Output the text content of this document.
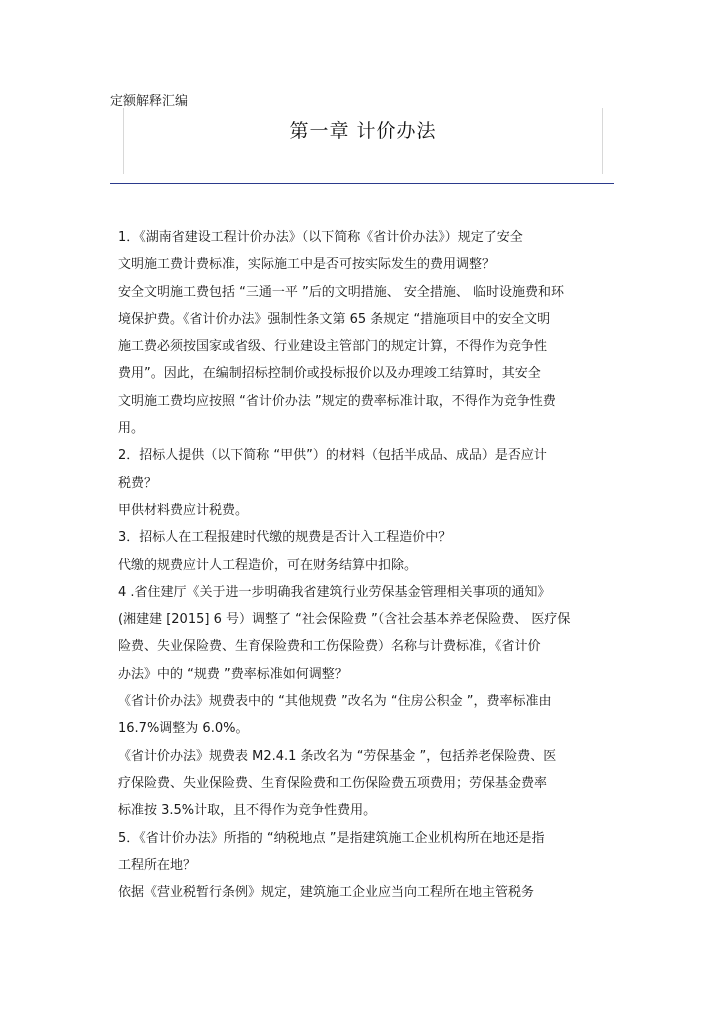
定额解释汇编
第一章 计价办法
1．《湖南省建设工程计价办法》（以下简称《省计价办法》）规定了安全
文明施工费计费标准，实际施工中是否可按实际发生的费用调整？
安全文明施工费包括 “三通一平 ”后的文明措施、 安全措施、 临时设施费和环
境保护费。《省计价办法》强制性条文第 65 条规定 “措施项目中的安全文明
施工费必须按国家或省级、行业建设主管部门的规定计算，不得作为竞争性
费用”。因此，在编制招标控制价或投标报价以及办理竣工结算时，其安全
文明施工费均应按照 “省计价办法 ”规定的费率标准计取，不得作为竞争性费
用。
2．招标人提供（以下简称 “甲供”）的材料（包括半成品、成品）是否应计
税费？
甲供材料费应计税费。
3．招标人在工程报建时代缴的规费是否计入工程造价中？
代缴的规费应计人工程造价，可在财务结算中扣除。
4 .省住建厅《关于进一步明确我省建筑行业劳保基金管理相关事项的通知》
(湘建建 [2015] 6 号）调整了 “社会保险费 ”（含社会基本养老保险费、 医疗保
险费、失业保险费、生育保险费和工伤保险费）名称与计费标准，《省计价
办法》中的 “规费 ”费率标准如何调整？
《省计价办法》规费表中的 “其他规费 ”改名为 “住房公积金 ”，费率标准由
16.7%调整为 6.0%。
《省计价办法》规费表 M2.4.1 条改名为 “劳保基金 ”，包括养老保险费、医
疗保险费、失业保险费、生育保险费和工伤保险费五项费用；劳保基金费率
标准按 3.5%计取，且不得作为竞争性费用。
5．《省计价办法》所指的 “纳税地点 ”是指建筑施工企业机构所在地还是指
工程所在地？
依据《营业税暂行条例》规定，建筑施工企业应当向工程所在地主管税务
